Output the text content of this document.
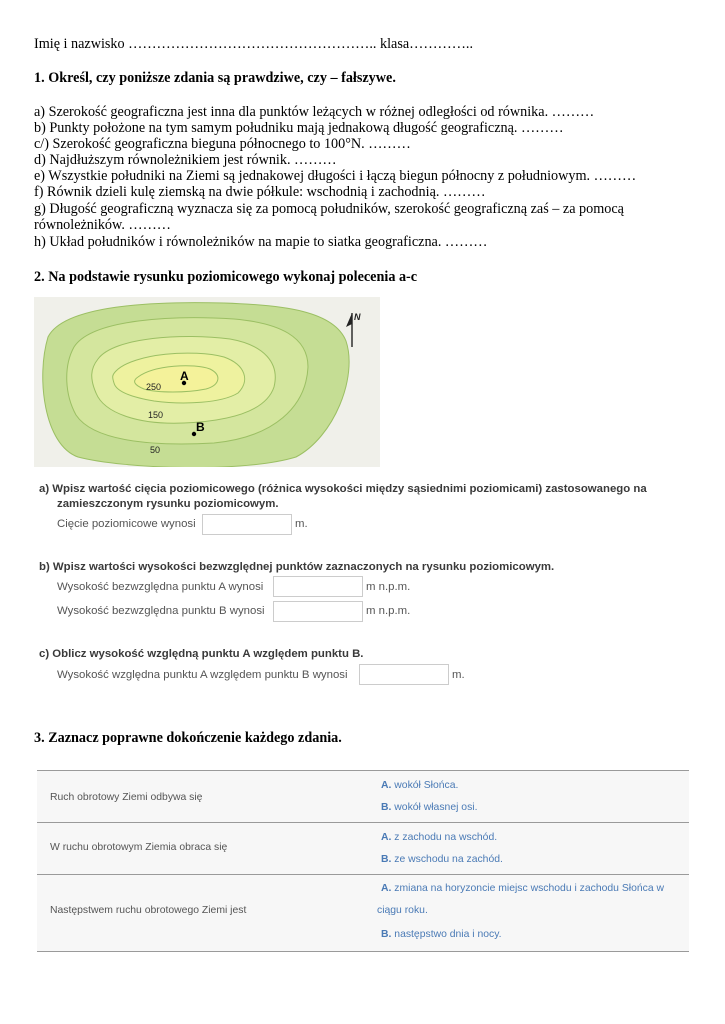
Imię i nazwisko …………………………………………….. klasa…………..
1. Określ, czy poniższe zdania są prawdziwe, czy – fałszywe.
a) Szerokość geograficzna jest inna dla punktów leżących w różnej odległości od równika. ………
b) Punkty położone na tym samym południku mają jednakową długość geograficzną. ………
c/) Szerokość geograficzna bieguna północnego to 100°N. ………
d) Najdłuższym równoleżnikiem jest równik. ………
e) Wszystkie południki na Ziemi są jednakowej długości i łączą biegun północny z południowym. ………
f) Równik dzieli kulę ziemską na dwie półkule: wschodnią i zachodnią. ………
g) Długość geograficzną wyznacza się za pomocą południków, szerokość geograficzną zaś – za pomocą
równoleżników. ………
h) Układ południków i równoleżników na mapie to siatka geograficzna. ………
2. Na podstawie rysunku poziomicowego wykonaj polecenia a-c
250
150
50
A
B
N
a) Wpisz wartość cięcia poziomicowego (różnica wysokości między sąsiednimi poziomicami) zastosowanego na
zamieszczonym rysunku poziomicowym.
Cięcie poziomicowe wynosi	m.
b) Wpisz wartości wysokości bezwzględnej punktów zaznaczonych na rysunku poziomicowym.
Wysokość bezwzględna punktu A wynosi	m n.p.m.
Wysokość bezwzględna punktu B wynosi	m n.p.m.
c) Oblicz wysokość względną punktu A względem punktu B.
Wysokość względna punktu A względem punktu B wynosi	m.
3. Zaznacz poprawne dokończenie każdego zdania.
Ruch obrotowy Ziemi odbywa się
A. wokół Słońca.
B. wokół własnej osi.
W ruchu obrotowym Ziemia obraca się
A. z zachodu na wschód.
B. ze wschodu na zachód.
Następstwem ruchu obrotowego Ziemi jest
A. zmiana na horyzoncie miejsc wschodu i zachodu Słońca w
ciągu roku.
B. następstwo dnia i nocy.
